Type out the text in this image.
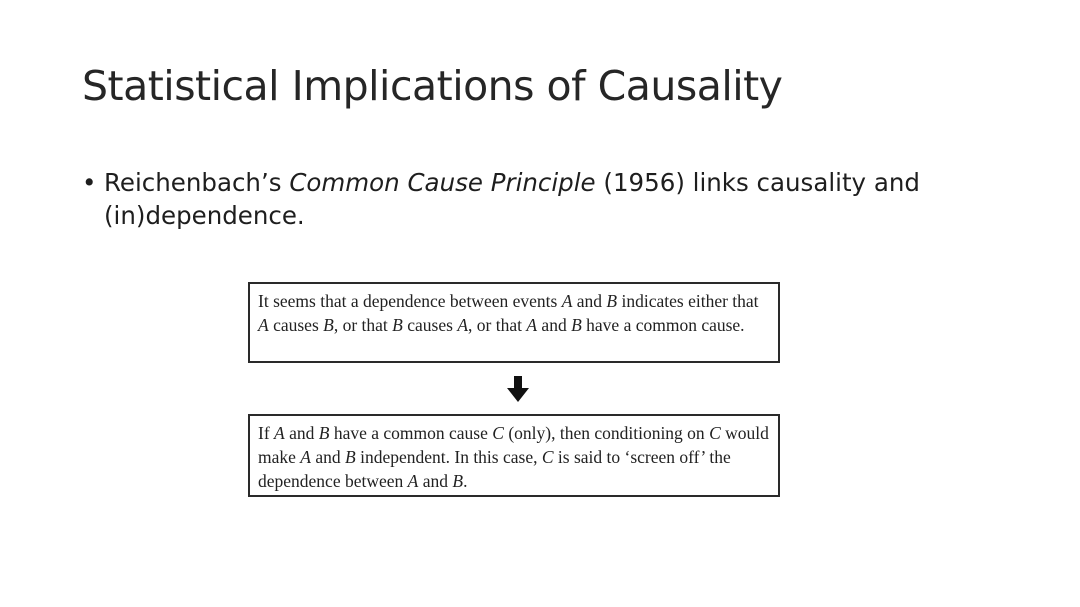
Statistical Implications of Causality
• Reichenbach’s Common Cause Principle (1956) links causality and (in)dependence.
It seems that a dependence between events A and B indicates either that A causes B, or that B causes A, or that A and B have a common cause.
If A and B have a common cause C (only), then conditioning on C would make A and B independent. In this case, C is said to ‘screen off’ the dependence between A and B.
